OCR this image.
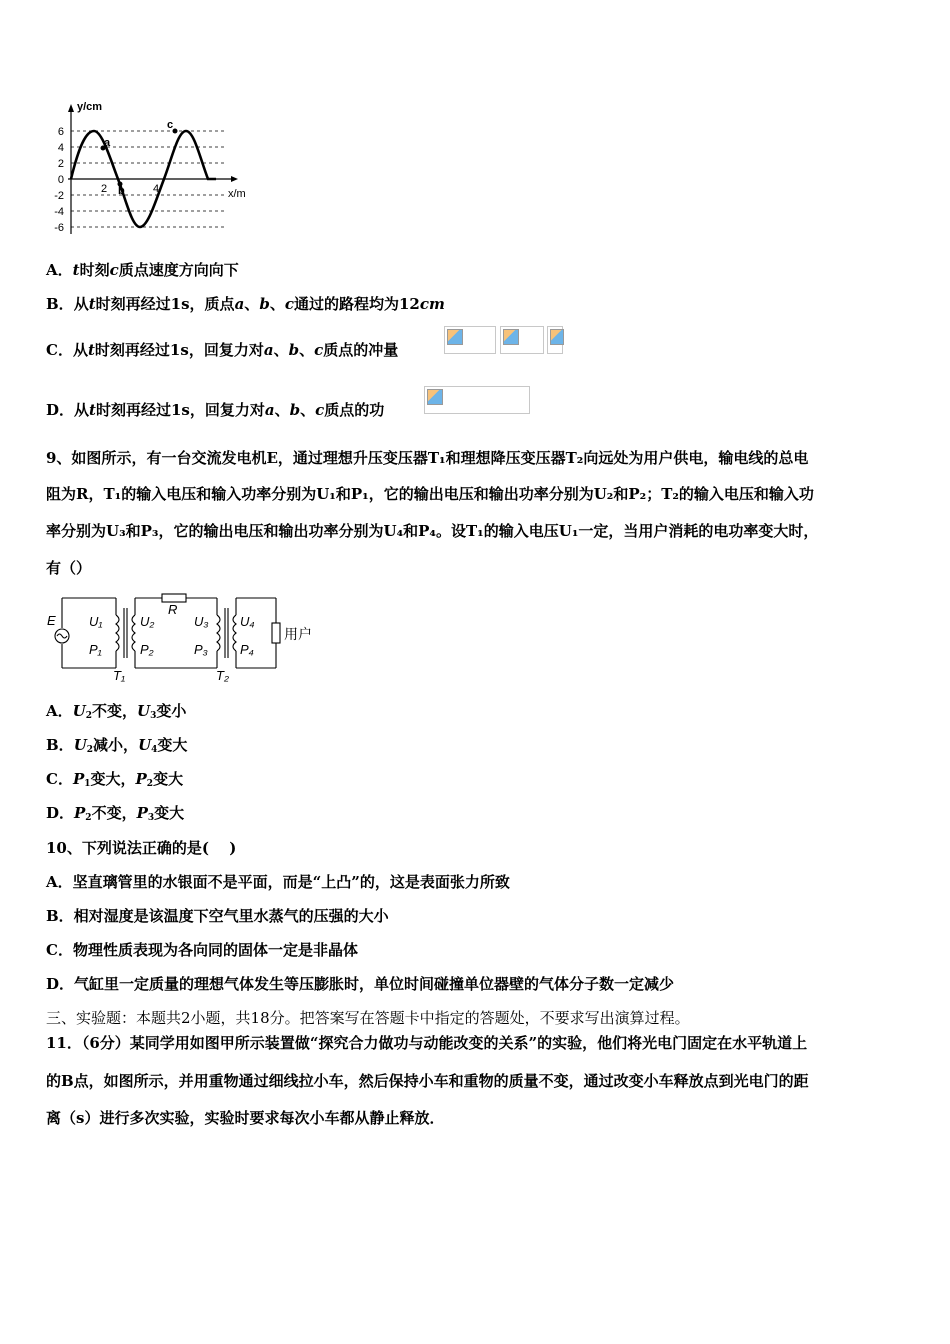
y/cm
x/m
6
4
2
0
-2
-4
-6
2	4
a
b
c
A．t时刻c质点速度方向向下
B．从t时刻再经过1s，质点a、b、c通过的路程均为12cm
C．从t时刻再经过1s，回复力对a、b、c质点的冲量
D．从t时刻再经过1s，回复力对a、b、c质点的功
9、如图所示，有一台交流发电机E，通过理想升压变压器T₁和理想降压变压器T₂向远处为用户供电，输电线的总电
阻为R，T₁的输入电压和输入功率分别为U₁和P₁，它的输出电压和输出功率分别为U₂和P₂；T₂的输入电压和输入功
率分别为U₃和P₃，它的输出电压和输出功率分别为U₄和P₄。设T₁的输入电压U₁一定，当用户消耗的电功率变大时，
有（）
E
R
U₁
P₁
U₂
P₂
U₃
P₃
U₄
P₄
T₁	T₂
用户
A．$U_2$不变，$U_3$变小
B．$U_2$减小，$U_4$变大
C．$P_1$变大，$P_2$变大
D．$P_2$不变，$P_3$变大
10、下列说法正确的是(　 )
A．坚直璃管里的水银面不是平面，而是“上凸”的，这是表面张力所致
B．相对湿度是该温度下空气里水蒸气的压强的大小
C．物理性质表现为各向同的固体一定是非晶体
D．气缸里一定质量的理想气体发生等压膨胀时，单位时间碰撞单位器壁的气体分子数一定减少
三、实验题：本题共2小题，共18分。把答案写在答题卡中指定的答题处，不要求写出演算过程。
11．（6分）某同学用如图甲所示装置做“探究合力做功与动能改变的关系”的实验，他们将光电门固定在水平轨道上
的B点，如图所示，并用重物通过细线拉小车，然后保持小车和重物的质量不变，通过改变小车释放点到光电门的距
离（s）进行多次实验，实验时要求每次小车都从静止释放．
